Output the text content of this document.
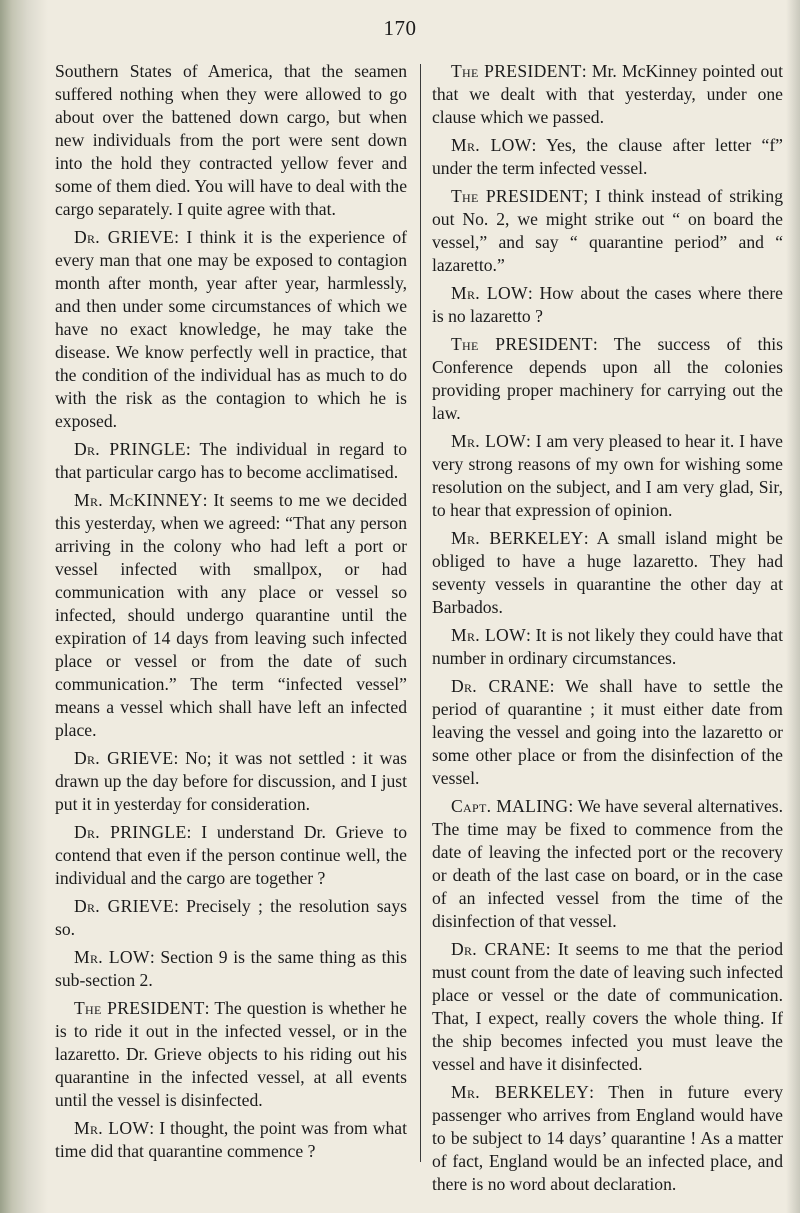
170

Southern States of America, that the seamen suffered nothing when they were allowed to go about over the battened down cargo, but when new individuals from the port were sent down into the hold they contracted yellow fever and some of them died. You will have to deal with the cargo separately. I quite agree with that.

Dr. GRIEVE: I think it is the experience of every man that one may be exposed to contagion month after month, year after year, harmlessly, and then under some circumstances of which we have no exact knowledge, he may take the disease. We know perfectly well in practice, that the condition of the individual has as much to do with the risk as the contagion to which he is exposed.

Dr. PRINGLE: The individual in regard to that particular cargo has to become acclimatised.

Mr. McKINNEY: It seems to me we decided this yesterday, when we agreed: “That any person arriving in the colony who had left a port or vessel infected with smallpox, or had communication with any place or vessel so infected, should undergo quarantine until the expiration of 14 days from leaving such infected place or vessel or from the date of such communication.” The term “infected vessel” means a vessel which shall have left an infected place.

Dr. GRIEVE: No; it was not settled : it was drawn up the day before for discussion, and I just put it in yesterday for consideration.

Dr. PRINGLE: I understand Dr. Grieve to contend that even if the person continue well, the individual and the cargo are together ?

Dr. GRIEVE: Precisely ; the resolution says so.

Mr. LOW: Section 9 is the same thing as this sub-section 2.

The PRESIDENT: The question is whether he is to ride it out in the infected vessel, or in the lazaretto. Dr. Grieve objects to his riding out his quarantine in the infected vessel, at all events until the vessel is disinfected.

Mr. LOW: I thought, the point was from what time did that quarantine commence ?

The PRESIDENT: Mr. McKinney pointed out that we dealt with that yesterday, under one clause which we passed.

Mr. LOW: Yes, the clause after letter “f” under the term infected vessel.

The PRESIDENT; I think instead of striking out No. 2, we might strike out “ on board the vessel,” and say “ quarantine period” and “ lazaretto.”

Mr. LOW: How about the cases where there is no lazaretto ?

The PRESIDENT: The success of this Conference depends upon all the colonies providing proper machinery for carrying out the law.

Mr. LOW: I am very pleased to hear it. I have very strong reasons of my own for wishing some resolution on the subject, and I am very glad, Sir, to hear that expression of opinion.

Mr. BERKELEY: A small island might be obliged to have a huge lazaretto. They had seventy vessels in quarantine the other day at Barbados.

Mr. LOW: It is not likely they could have that number in ordinary circumstances.

Dr. CRANE: We shall have to settle the period of quarantine ; it must either date from leaving the vessel and going into the lazaretto or some other place or from the disinfection of the vessel.

Capt. MALING: We have several alternatives. The time may be fixed to commence from the date of leaving the infected port or the recovery or death of the last case on board, or in the case of an infected vessel from the time of the disinfection of that vessel.

Dr. CRANE: It seems to me that the period must count from the date of leaving such infected place or vessel or the date of communication. That, I expect, really covers the whole thing. If the ship becomes infected you must leave the vessel and have it disinfected.

Mr. BERKELEY: Then in future every passenger who arrives from England would have to be subject to 14 days’ quarantine ! As a matter of fact, England would be an infected place, and there is no word about declaration.
